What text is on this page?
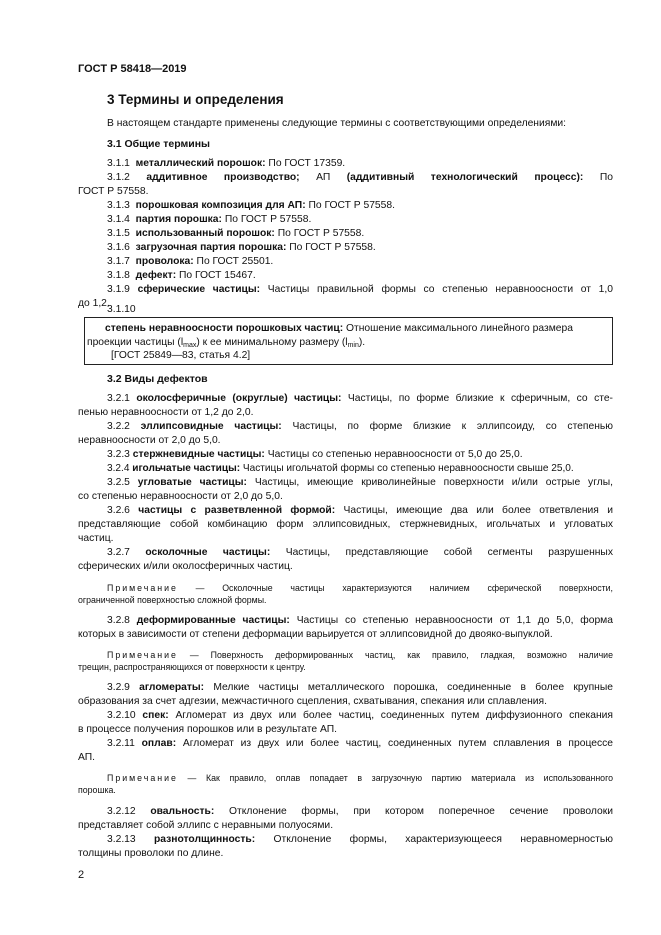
ГОСТ Р 58418—2019
3 Термины и определения
В настоящем стандарте применены следующие термины с соответствующими определениями:
3.1 Общие термины
3.1.1 металлический порошок: По ГОСТ 17359.
3.1.2 аддитивное производство; АП (аддитивный технологический процесс): По
ГОСТ Р 57558.
3.1.3 порошковая композиция для АП: По ГОСТ Р 57558.
3.1.4 партия порошка: По ГОСТ Р 57558.
3.1.5 использованный порошок: По ГОСТ Р 57558.
3.1.6 загрузочная партия порошка: По ГОСТ Р 57558.
3.1.7 проволока: По ГОСТ 25501.
3.1.8 дефект: По ГОСТ 15467.
3.1.9 сферические частицы: Частицы правильной формы со степенью неравноосности от 1,0
до 1,2.
3.1.10
степень неравноосности порошковых частиц: Отношение максимального линейного размера
проекции частицы $(l_{max})$ к ее минимальному размеру $(l_{min})$.
[ГОСТ 25849—83, статья 4.2]
3.2 Виды дефектов
3.2.1 околосферичные (округлые) частицы: Частицы, по форме близкие к сферичным, со сте-
пенью неравноосности от 1,2 до 2,0.
3.2.2 эллипсовидные частицы: Частицы, по форме близкие к эллипсоиду, со степенью
неравноосности от 2,0 до 5,0.
3.2.3 стержневидные частицы: Частицы со степенью неравноосности от 5,0 до 25,0.
3.2.4 игольчатые частицы: Частицы игольчатой формы со степенью неравноосности свыше 25,0.
3.2.5 угловатые частицы: Частицы, имеющие криволинейные поверхности и/или острые углы,
со степенью неравноосности от 2,0 до 5,0.
3.2.6 частицы с разветвленной формой: Частицы, имеющие два или более ответвления и
представляющие собой комбинацию форм эллипсовидных, стержневидных, игольчатых и угловатых
частиц.
3.2.7 осколочные частицы: Частицы, представляющие собой сегменты разрушенных
сферических и/или околосферичных частиц.
Примечание — Осколочные частицы характеризуются наличием сферической поверхности,
ограниченной поверхностью сложной формы.
3.2.8 деформированные частицы: Частицы со степенью неравноосности от 1,1 до 5,0, форма
которых в зависимости от степени деформации варьируется от эллипсовидной до двояко-выпуклой.
Примечание — Поверхность деформированных частиц, как правило, гладкая, возможно наличие
трещин, распространяющихся от поверхности к центру.
3.2.9 агломераты: Мелкие частицы металлического порошка, соединенные в более крупные
образования за счет адгезии, межчастичного сцепления, схватывания, спекания или сплавления.
3.2.10 спек: Агломерат из двух или более частиц, соединенных путем диффузионного спекания
в процессе получения порошков или в результате АП.
3.2.11 оплав: Агломерат из двух или более частиц, соединенных путем сплавления в процессе
АП.
Примечание — Как правило, оплав попадает в загрузочную партию материала из использованного
порошка.
3.2.12 овальность: Отклонение формы, при котором поперечное сечение проволоки
представляет собой эллипс с неравными полуосями.
3.2.13 разнотолщинность: Отклонение формы, характеризующееся неравномерностью
толщины проволоки по длине.
2
